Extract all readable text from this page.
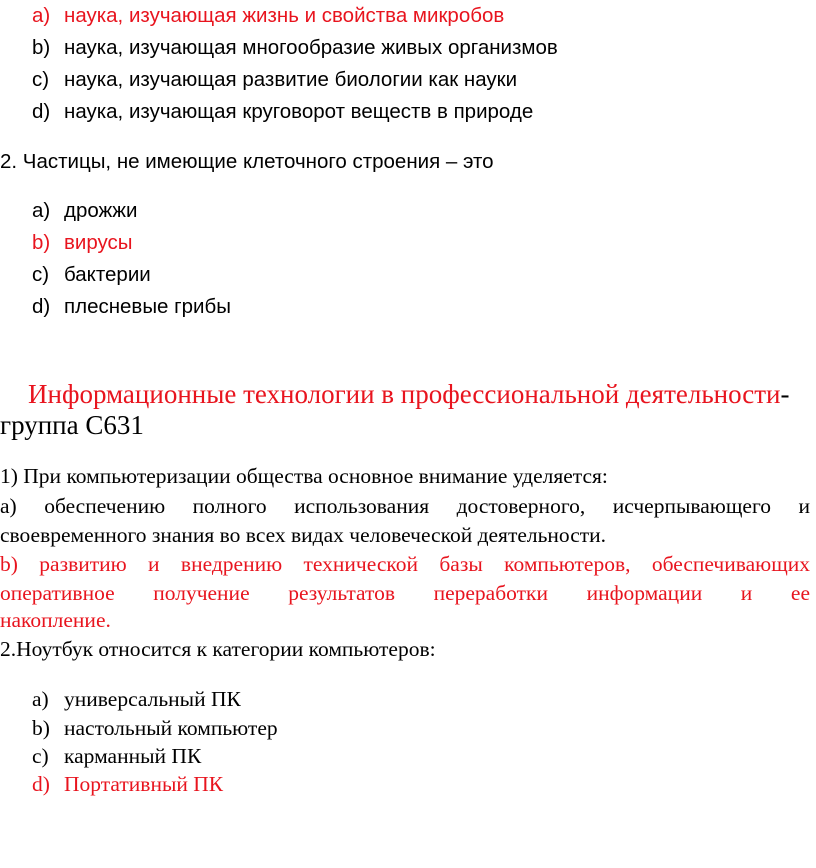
a) наука, изучающая жизнь и свойства микробов
b) наука, изучающая многообразие живых организмов
c) наука, изучающая развитие биологии как науки
d) наука, изучающая круговорот веществ в природе
2. Частицы, не имеющие клеточного строения – это
a) дрожжи
b) вирусы
c) бактерии
d) плесневые грибы
Информационные технологии в профессиональной деятельности-
группа С631
1) При компьютеризации общества основное внимание уделяется:
а) обеспечению полного использования достоверного, исчерпывающего и
своевременного знания во всех видах человеческой деятельности.
b) развитию и внедрению технической базы компьютеров, обеспечивающих
оперативное получение результатов переработки информации и ее
накопление.
2.Ноутбук относится к категории компьютеров:
a) универсальный ПК
b) настольный компьютер
c) карманный ПК
d) Портативный ПК
